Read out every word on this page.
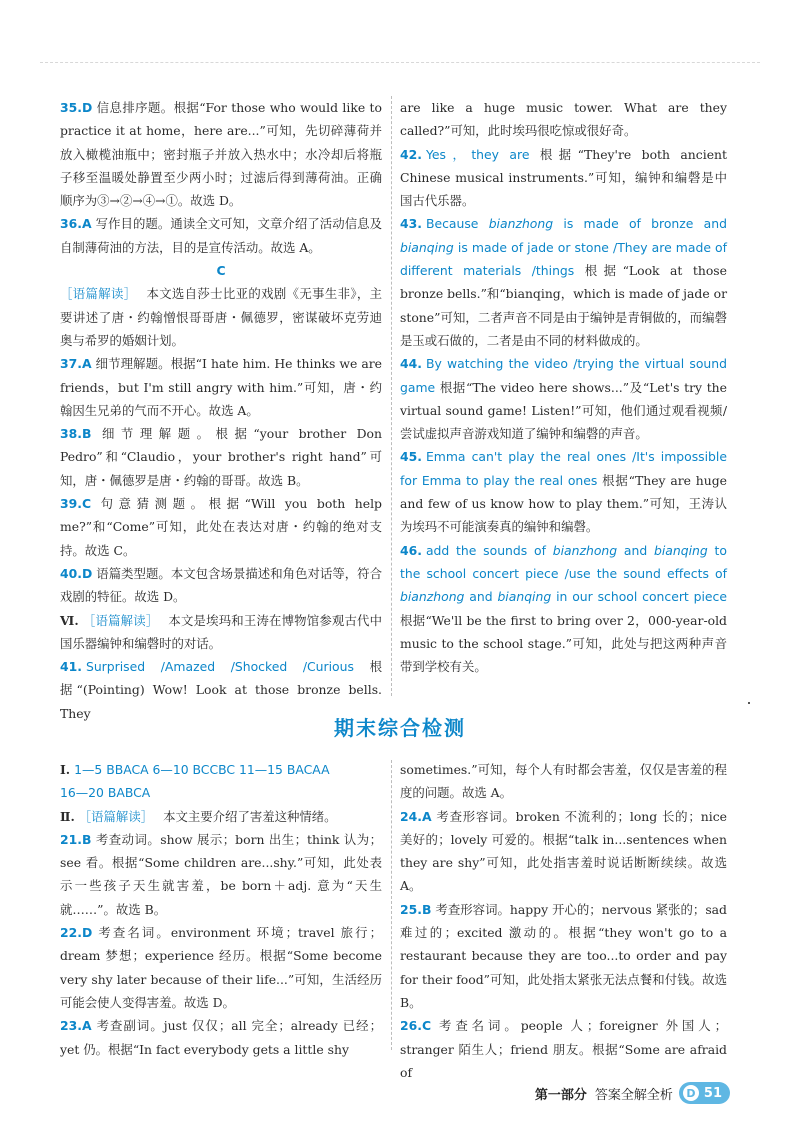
35.D 信息排序题。根据“For those who would like to practice it at home，here are...”可知，先切碎薄荷并放入橄榄油瓶中；密封瓶子并放入热水中；水冷却后将瓶子移至温暖处静置至少两小时；过滤后得到薄荷油。正确顺序为③→②→④→①。故选 D。
36.A 写作目的题。通读全文可知，文章介绍了活动信息及自制薄荷油的方法，目的是宣传活动。故选 A。
C
［语篇解读］ 本文选自莎士比亚的戏剧《无事生非》，主要讲述了唐・约翰憎恨哥哥唐・佩德罗，密谋破坏克劳迪奥与希罗的婚姻计划。
37.A 细节理解题。根据“I hate him. He thinks we are friends，but I'm still angry with him.”可知，唐・约翰因生兄弟的气而不开心。故选 A。
38.B 细节理解题。根据“your brother Don Pedro”和“Claudio，your brother's right hand”可知，唐・佩德罗是唐・约翰的哥哥。故选 B。
39.C 句意猜测题。根据“Will you both help me?”和“Come”可知，此处在表达对唐・约翰的绝对支持。故选 C。
40.D 语篇类型题。本文包含场景描述和角色对话等，符合戏剧的特征。故选 D。
Ⅵ. ［语篇解读］ 本文是埃玛和王涛在博物馆参观古代中国乐器编钟和编磬时的对话。
41. Surprised /Amazed /Shocked /Curious 根据“(Pointing) Wow! Look at those bronze bells. They
are like a huge music tower. What are they called?”可知，此时埃玛很吃惊或很好奇。
42. Yes，they are 根据“They're both ancient Chinese musical instruments.”可知，编钟和编磬是中国古代乐器。
43. Because bianzhong is made of bronze and bianqing is made of jade or stone /They are made of different materials /things 根据“Look at those bronze bells.”和“bianqing，which is made of jade or stone”可知，二者声音不同是由于编钟是青铜做的，而编磬是玉或石做的，二者是由不同的材料做成的。
44. By watching the video /trying the virtual sound game 根据“The video here shows...”及“Let's try the virtual sound game! Listen!”可知，他们通过观看视频/尝试虚拟声音游戏知道了编钟和编磬的声音。
45. Emma can't play the real ones /It's impossible for Emma to play the real ones 根据“They are huge and few of us know how to play them.”可知，王涛认为埃玛不可能演奏真的编钟和编磬。
46. add the sounds of bianzhong and bianqing to the school concert piece /use the sound effects of bianzhong and bianqing in our school concert piece 根据“We'll be the first to bring over 2，000-year-old music to the school stage.”可知，此处与把这两种声音带到学校有关。
期末综合检测
Ⅰ. 1—5 BBACA 6—10 BCCBC 11—15 BACAA
16—20 BABCA
Ⅱ. ［语篇解读］ 本文主要介绍了害羞这种情绪。
21.B 考查动词。show 展示；born 出生；think 认为；see 看。根据“Some children are...shy.”可知，此处表示一些孩子天生就害羞，be born＋adj. 意为“天生就……”。故选 B。
22.D 考查名词。environment 环境；travel 旅行；dream 梦想；experience 经历。根据“Some become very shy later because of their life...”可知，生活经历可能会使人变得害羞。故选 D。
23.A 考查副词。just 仅仅；all 完全；already 已经；yet 仍。根据“In fact everybody gets a little shy
sometimes.”可知，每个人有时都会害羞，仅仅是害羞的程度的问题。故选 A。
24.A 考查形容词。broken 不流利的；long 长的；nice 美好的；lovely 可爱的。根据“talk in...sentences when they are shy”可知，此处指害羞时说话断断续续。故选 A。
25.B 考查形容词。happy 开心的；nervous 紧张的；sad 难过的；excited 激动的。根据“they won't go to a restaurant because they are too...to order and pay for their food”可知，此处指太紧张无法点餐和付钱。故选 B。
26.C 考查名词。people 人；foreigner 外国人；stranger 陌生人；friend 朋友。根据“Some are afraid of
第一部分 答案全解全析	D 51
